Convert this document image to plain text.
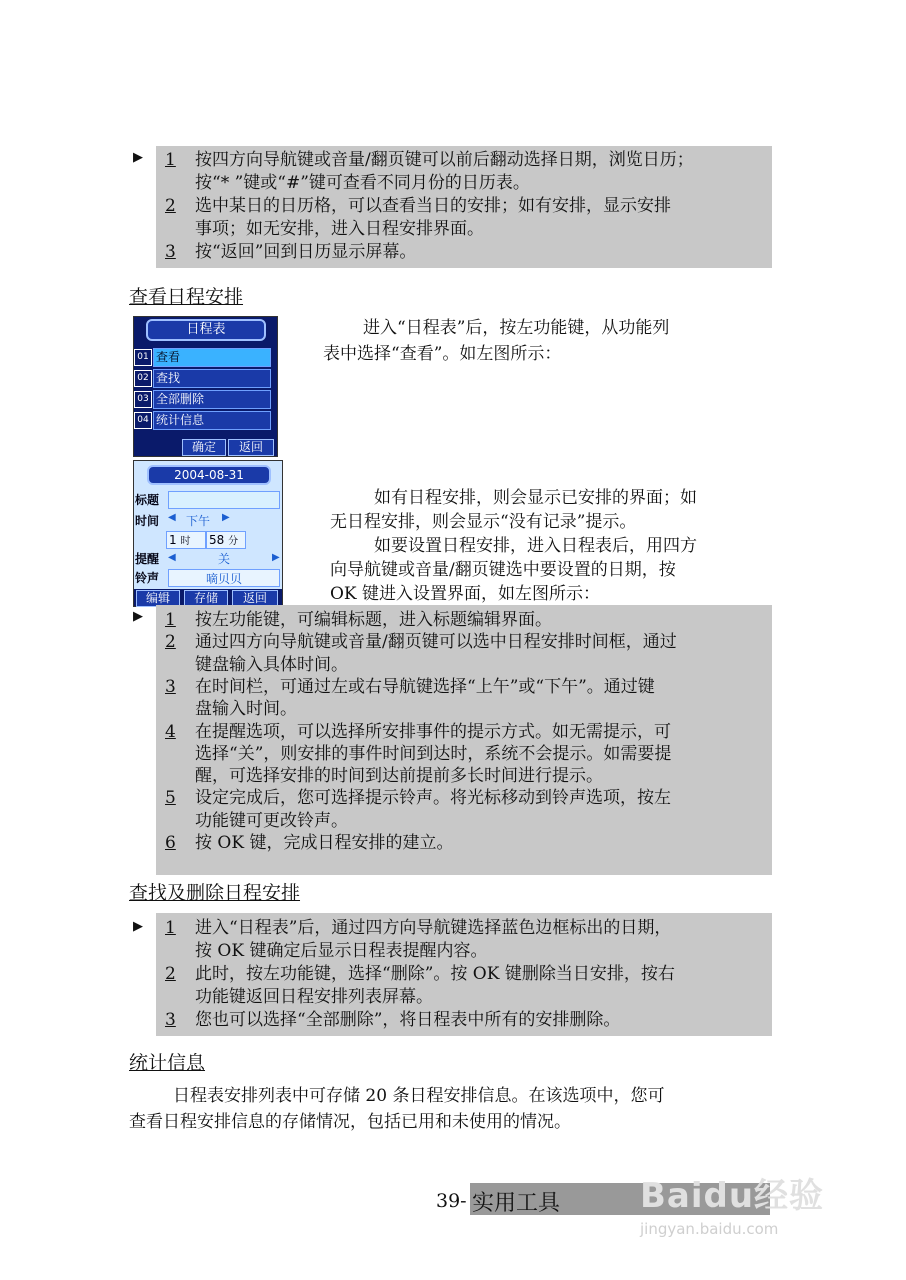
▶ 1 按四方向导航键或音量/翻页键可以前后翻动选择日期，浏览日历；
按“* ”键或“#”键可查看不同月份的日历表。
2 选中某日的日历格，可以查看当日的安排；如有安排，显示安排
事项；如无安排，进入日程安排界面。
3 按“返回”回到日历显示屏幕。
查看日程安排
日程表
01 查看
02 查找
03 全部删除
04 统计信息
确定	返回
进入“日程表”后，按左功能键，从功能列
表中选择“查看”。如左图所示：
2004-08-31
标题
时间 ◀ 下午 ▶
1 时	58 分
提醒 ◀	关	▶
铃声	嘀贝贝
编辑	存储	返回
如有日程安排，则会显示已安排的界面；如
无日程安排，则会显示“没有记录”提示。
如要设置日程安排，进入日程表后，用四方
向导航键或音量/翻页键选中要设置的日期，按
OK 键进入设置界面，如左图所示：
▶ 1 按左功能键，可编辑标题，进入标题编辑界面。
2 通过四方向导航键或音量/翻页键可以选中日程安排时间框，通过
键盘输入具体时间。
3 在时间栏，可通过左或右导航键选择“上午”或“下午”。通过键
盘输入时间。
4 在提醒选项，可以选择所安排事件的提示方式。如无需提示，可
选择“关”，则安排的事件时间到达时，系统不会提示。如需要提
醒，可选择安排的时间到达前提前多长时间进行提示。
5 设定完成后，您可选择提示铃声。将光标移动到铃声选项，按左
功能键可更改铃声。
6 按 OK 键，完成日程安排的建立。
查找及删除日程安排
▶ 1 进入“日程表”后，通过四方向导航键选择蓝色边框标出的日期，
按 OK 键确定后显示日程表提醒内容。
2 此时，按左功能键，选择“删除”。按 OK 键删除当日安排，按右
功能键返回日程安排列表屏幕。
3 您也可以选择“全部删除”，将日程表中所有的安排删除。
统计信息
日程表安排列表中可存储 20 条日程安排信息。在该选项中，您可
查看日程安排信息的存储情况，包括已用和未使用的情况。
39- 实用工具 Baidu经验
jingyan.baidu.com
